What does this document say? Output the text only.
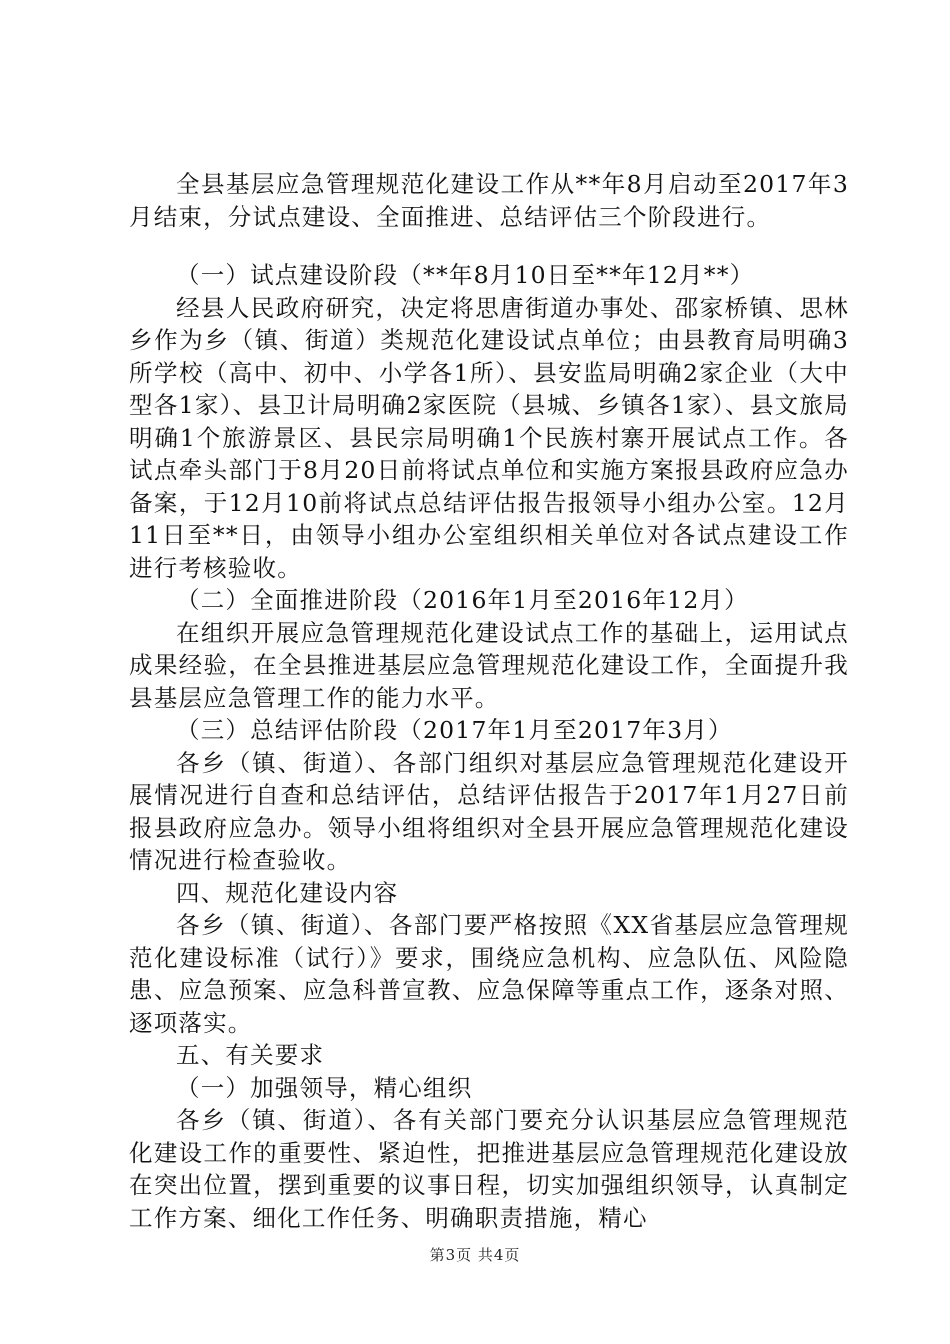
全县基层应急管理规范化建设工作从**年8月启动至2017年3月结束，分试点建设、全面推进、总结评估三个阶段进行。

（一）试点建设阶段（**年8月10日至**年12月**）

经县人民政府研究，决定将思唐街道办事处、邵家桥镇、思林乡作为乡（镇、街道）类规范化建设试点单位；由县教育局明确3所学校（高中、初中、小学各1所）、县安监局明确2家企业（大中型各1家）、县卫计局明确2家医院（县城、乡镇各1家）、县文旅局明确1个旅游景区、县民宗局明确1个民族村寨开展试点工作。各试点牵头部门于8月20日前将试点单位和实施方案报县政府应急办备案，于12月10前将试点总结评估报告报领导小组办公室。12月11日至**日，由领导小组办公室组织相关单位对各试点建设工作进行考核验收。

（二）全面推进阶段（2016年1月至2016年12月）

在组织开展应急管理规范化建设试点工作的基础上，运用试点成果经验，在全县推进基层应急管理规范化建设工作，全面提升我县基层应急管理工作的能力水平。

（三）总结评估阶段（2017年1月至2017年3月）

各乡（镇、街道）、各部门组织对基层应急管理规范化建设开展情况进行自查和总结评估，总结评估报告于2017年1月27日前报县政府应急办。领导小组将组织对全县开展应急管理规范化建设情况进行检查验收。

四、规范化建设内容

各乡（镇、街道）、各部门要严格按照《XX省基层应急管理规范化建设标准（试行）》要求，围绕应急机构、应急队伍、风险隐患、应急预案、应急科普宣教、应急保障等重点工作，逐条对照、逐项落实。

五、有关要求

（一）加强领导，精心组织

各乡（镇、街道）、各有关部门要充分认识基层应急管理规范化建设工作的重要性、紧迫性，把推进基层应急管理规范化建设放在突出位置，摆到重要的议事日程，切实加强组织领导，认真制定工作方案、细化工作任务、明确职责措施，精心

第3页 共4页
